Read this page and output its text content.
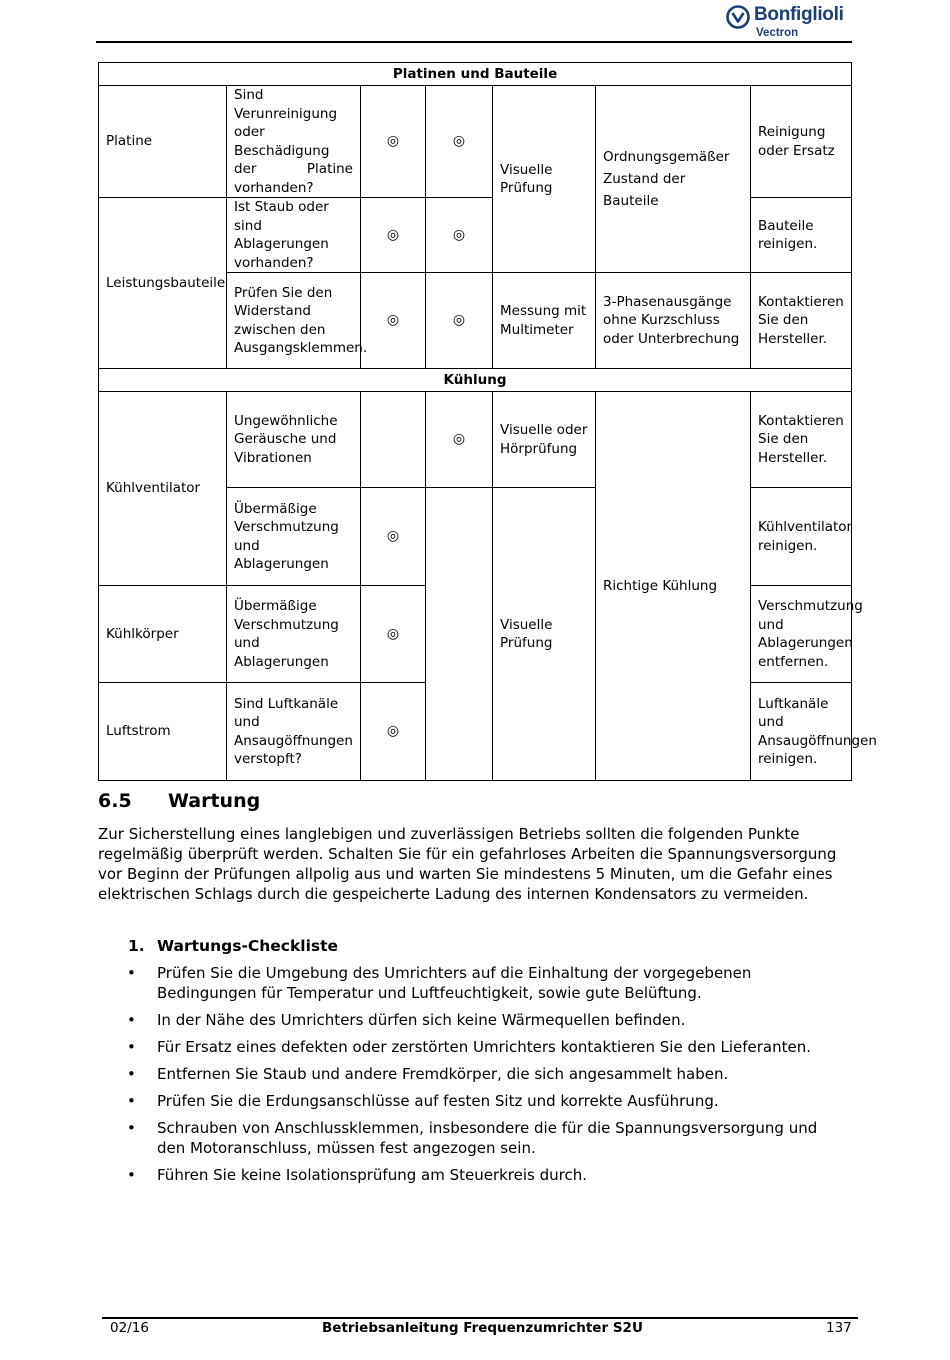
Bonfiglioli
Vectron
Platinen und Bauteile						
Platine	Sind Verunreinigung oder Beschädigung der Platine vorhanden?	◎	◎	Visuelle Prüfung	Ordnungsgemäßer Zustand der Bauteile	Reinigung oder Ersatz
Leistungsbauteile	Ist Staub oder sind Ablagerungen vorhanden?	◎	◎			Bauteile reinigen.
	Prüfen Sie den Widerstand zwischen den Ausgangsklemmen.	◎	◎	Messung mit Multimeter	3-Phasenausgänge ohne Kurzschluss oder Unterbrechung	Kontaktieren Sie den Hersteller.
Kühlung						
Kühlventilator	Ungewöhnliche Geräusche und Vibrationen		◎	Visuelle oder Hörprüfung	Richtige Kühlung	Kontaktieren Sie den Hersteller.
	Übermäßige Verschmutzung und Ablagerungen	◎		Visuelle Prüfung		Kühlventilator reinigen.
Kühlkörper	Übermäßige Verschmutzung und Ablagerungen	◎				Verschmutzung und Ablagerungen entfernen.
Luftstrom	Sind Luftkanäle und Ansaugöffnungen verstopft?	◎				Luftkanäle und Ansaugöffnungen reinigen.
6.5 Wartung

Zur Sicherstellung eines langlebigen und zuverlässigen Betriebs sollten die folgenden Punkte regelmäßig überprüft werden. Schalten Sie für ein gefahrloses Arbeiten die Spannungsversorgung vor Beginn der Prüfungen allpolig aus und warten Sie mindestens 5 Minuten, um die Gefahr eines elektrischen Schlags durch die gespeicherte Ladung des internen Kondensators zu vermeiden.

1. Wartungs-Checkliste
• Prüfen Sie die Umgebung des Umrichters auf die Einhaltung der vorgegebenen Bedingungen für Temperatur und Luftfeuchtigkeit, sowie gute Belüftung.
• In der Nähe des Umrichters dürfen sich keine Wärmequellen befinden.
• Für Ersatz eines defekten oder zerstörten Umrichters kontaktieren Sie den Lieferanten.
• Entfernen Sie Staub und andere Fremdkörper, die sich angesammelt haben.
• Prüfen Sie die Erdungsanschlüsse auf festen Sitz und korrekte Ausführung.
• Schrauben von Anschlussklemmen, insbesondere die für die Spannungsversorgung und den Motoranschluss, müssen fest angezogen sein.
• Führen Sie keine Isolationsprüfung am Steuerkreis durch.
02/16	Betriebsanleitung Frequenzumrichter S2U	137
